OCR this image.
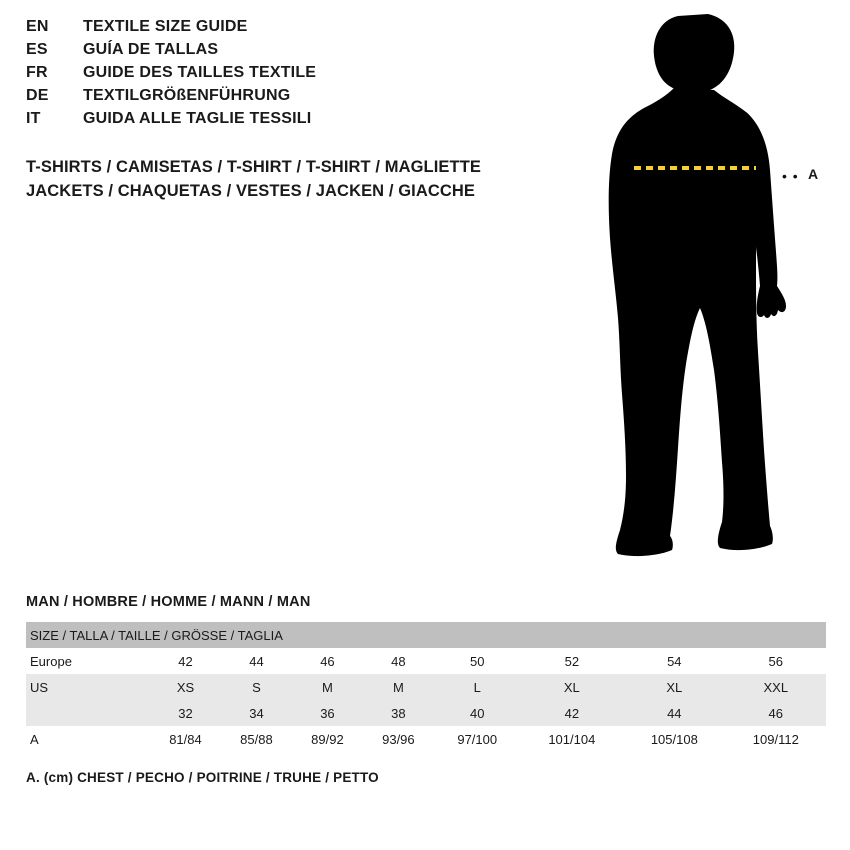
EN	TEXTILE SIZE GUIDE
ES	GUÍA DE TALLAS
FR	GUIDE DES TAILLES TEXTILE
DE	TEXTILGRÖßENFÜHRUNG
IT	GUIDA ALLE TAGLIE TESSILI
T-SHIRTS / CAMISETAS / T-SHIRT / T-SHIRT / MAGLIETTE
JACKETS / CHAQUETAS / VESTES / JACKEN / GIACCHE
• • A
MAN / HOMBRE / HOMME / MANN / MAN
SIZE / TALLA / TAILLE / GRÖSSE / TAGLIA								
Europe	42	44	46	48	50	52	54	56
US	XS	S	M	M	L	XL	XL	XXL
	32	34	36	38	40	42	44	46
A	81/84	85/88	89/92	93/96	97/100	101/104	105/108	109/112
A. (cm) CHEST / PECHO / POITRINE / TRUHE / PETTO
